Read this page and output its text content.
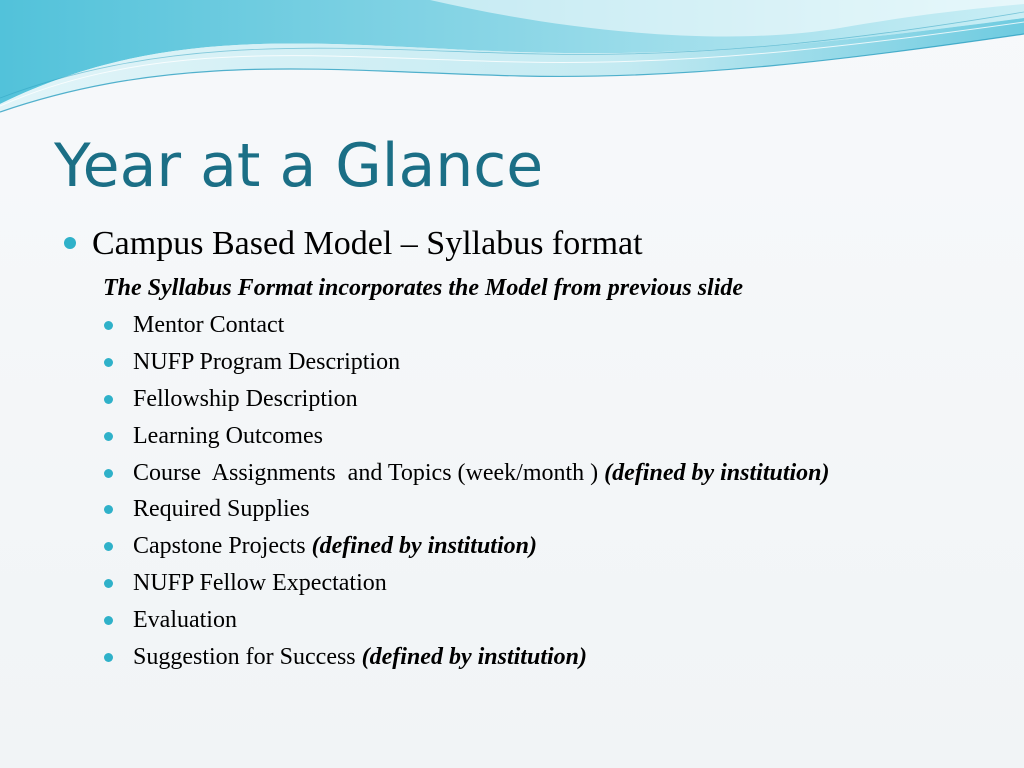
Year at a Glance
Campus Based Model – Syllabus format
The Syllabus Format incorporates the Model from previous slide
Mentor Contact
NUFP Program Description
Fellowship Description
Learning Outcomes
Course  Assignments  and Topics (week/month ) (defined by institution)
Required Supplies
Capstone Projects (defined by institution)
NUFP Fellow Expectation
Evaluation
Suggestion for Success (defined by institution)
